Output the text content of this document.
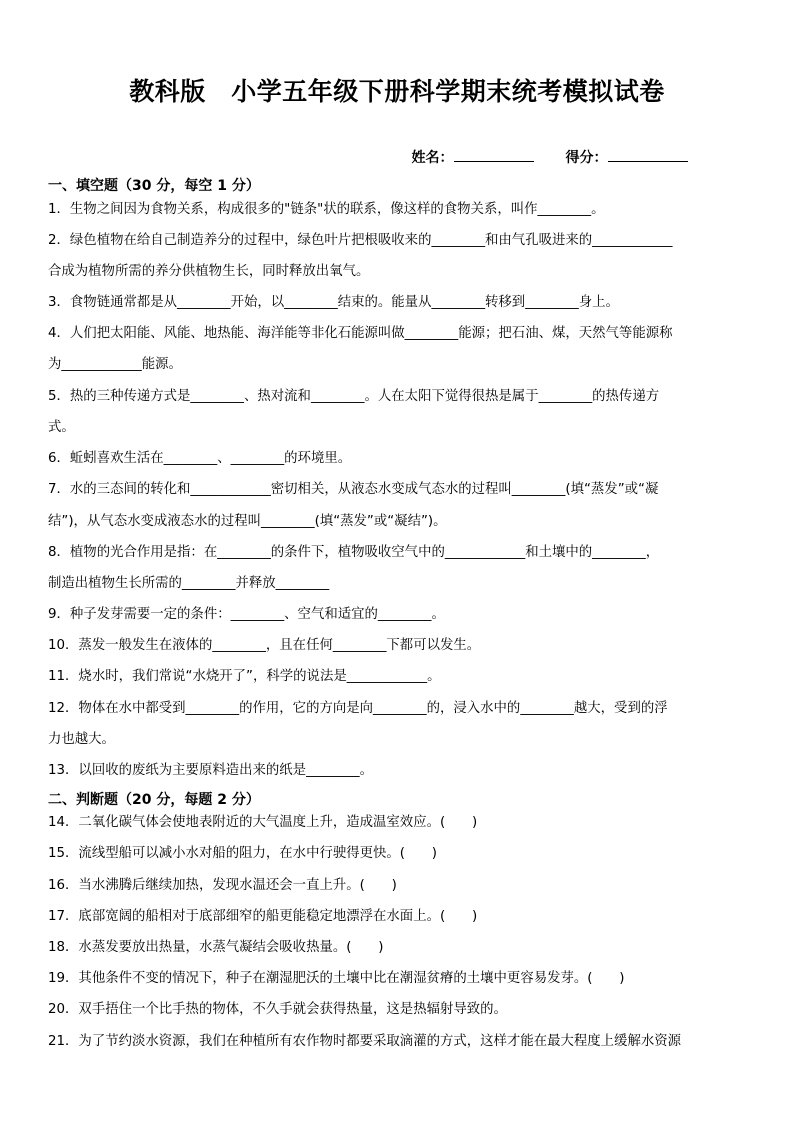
教科版　小学五年级下册科学期末统考模拟试卷

姓名：	得分：

一、填空题（30 分，每空 1 分）
1．生物之间因为食物关系，构成很多的"链条"状的联系，像这样的食物关系，叫作________。
2．绿色植物在给自己制造养分的过程中，绿色叶片把根吸收来的________和由气孔吸进来的____________
合成为植物所需的养分供植物生长，同时释放出氧气。
3．食物链通常都是从________开始，以________结束的。能量从________转移到________身上。
4．人们把太阳能、风能、地热能、海洋能等非化石能源叫做________能源；把石油、煤，天然气等能源称
为____________能源。
5．热的三种传递方式是________、热对流和________。人在太阳下觉得很热是属于________的热传递方
式。
6．蚯蚓喜欢生活在________、________的环境里。
7．水的三态间的转化和____________密切相关，从液态水变成气态水的过程叫________(填“蒸发”或“凝
结”)，从气态水变成液态水的过程叫________(填“蒸发”或“凝结”)。
8．植物的光合作用是指：在________的条件下，植物吸收空气中的____________和土壤中的________，
制造出植物生长所需的________并释放________
9．种子发芽需要一定的条件：________、空气和适宜的________。
10．蒸发一般发生在液体的________，且在任何________下都可以发生。
11．烧水时，我们常说“水烧开了”，科学的说法是____________。
12．物体在水中都受到________的作用，它的方向是向________的，浸入水中的________越大，受到的浮
力也越大。
13．以回收的废纸为主要原料造出来的纸是________。
二、判断题（20 分，每题 2 分）
14．二氧化碳气体会使地表附近的大气温度上升，造成温室效应。(　　)
15．流线型船可以减小水对船的阻力，在水中行驶得更快。(　　)
16．当水沸腾后继续加热，发现水温还会一直上升。(　　)
17．底部宽阔的船相对于底部细窄的船更能稳定地漂浮在水面上。(　　)
18．水蒸发要放出热量，水蒸气凝结会吸收热量。(　　)
19．其他条件不变的情况下，种子在潮湿肥沃的土壤中比在潮湿贫瘠的土壤中更容易发芽。(　　)
20．双手捂住一个比手热的物体，不久手就会获得热量，这是热辐射导致的。
21．为了节约淡水资源，我们在种植所有农作物时都要采取滴灌的方式，这样才能在最大程度上缓解水资源
